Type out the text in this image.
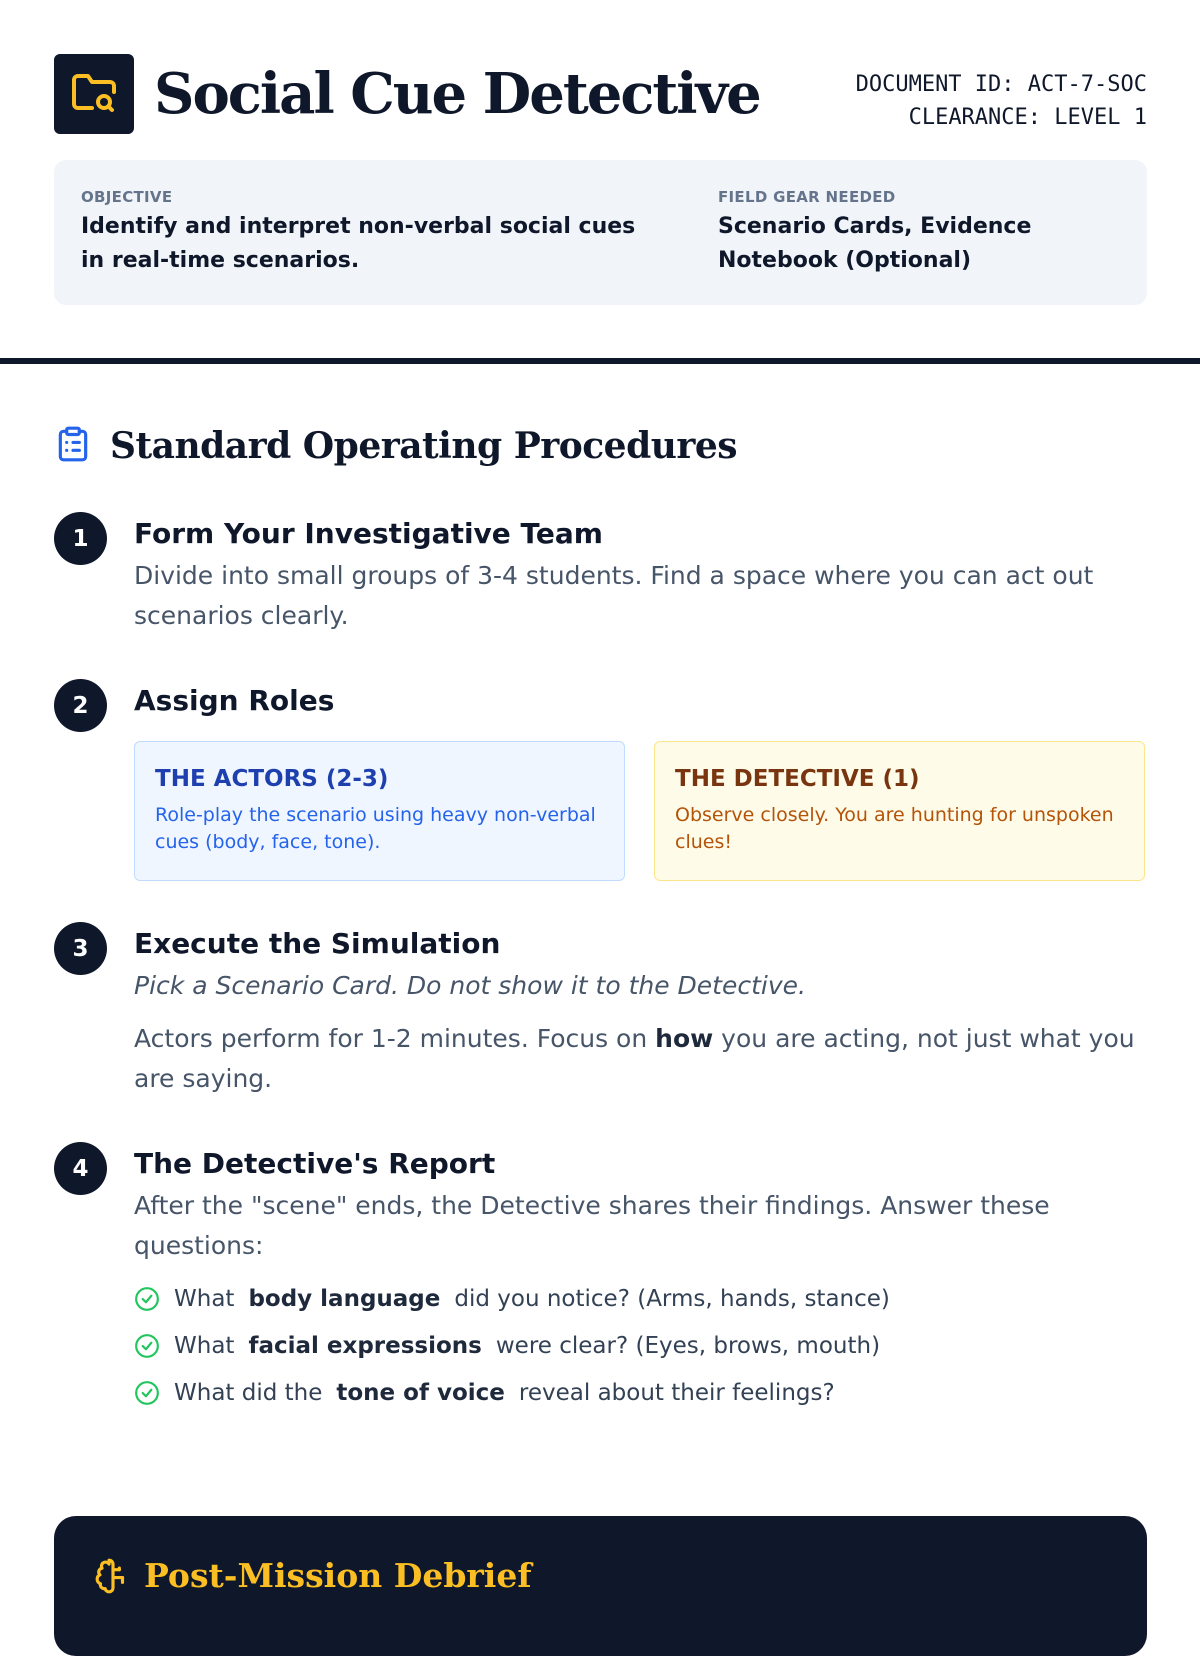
Social Cue Detective	DOCUMENT ID: ACT-7-SOC
CLEARANCE: LEVEL 1
OBJECTIVE
Identify and interpret non-verbal social cues in real-time scenarios.
FIELD GEAR NEEDED
Scenario Cards, Evidence Notebook (Optional)
Standard Operating Procedures
1	Form Your Investigative Team
Divide into small groups of 3-4 students. Find a space where you can act out scenarios clearly.
2	Assign Roles
THE ACTORS (2-3)

Role-play the scenario using heavy non-verbal cues (body, face, tone).

THE DETECTIVE (1)

Observe closely. You are hunting for unspoken clues!

3	Execute the Simulation
Pick a Scenario Card. Do not show it to the Detective.
Actors perform for 1-2 minutes. Focus on how you are acting, not just what you are saying.
4	The Detective's Report
After the "scene" ends, the Detective shares their findings. Answer these questions:
What body language did you notice? (Arms, hands, stance)
What facial expressions were clear? (Eyes, brows, mouth)
What did the tone of voice reveal about their feelings?
Post-Mission Debrief
